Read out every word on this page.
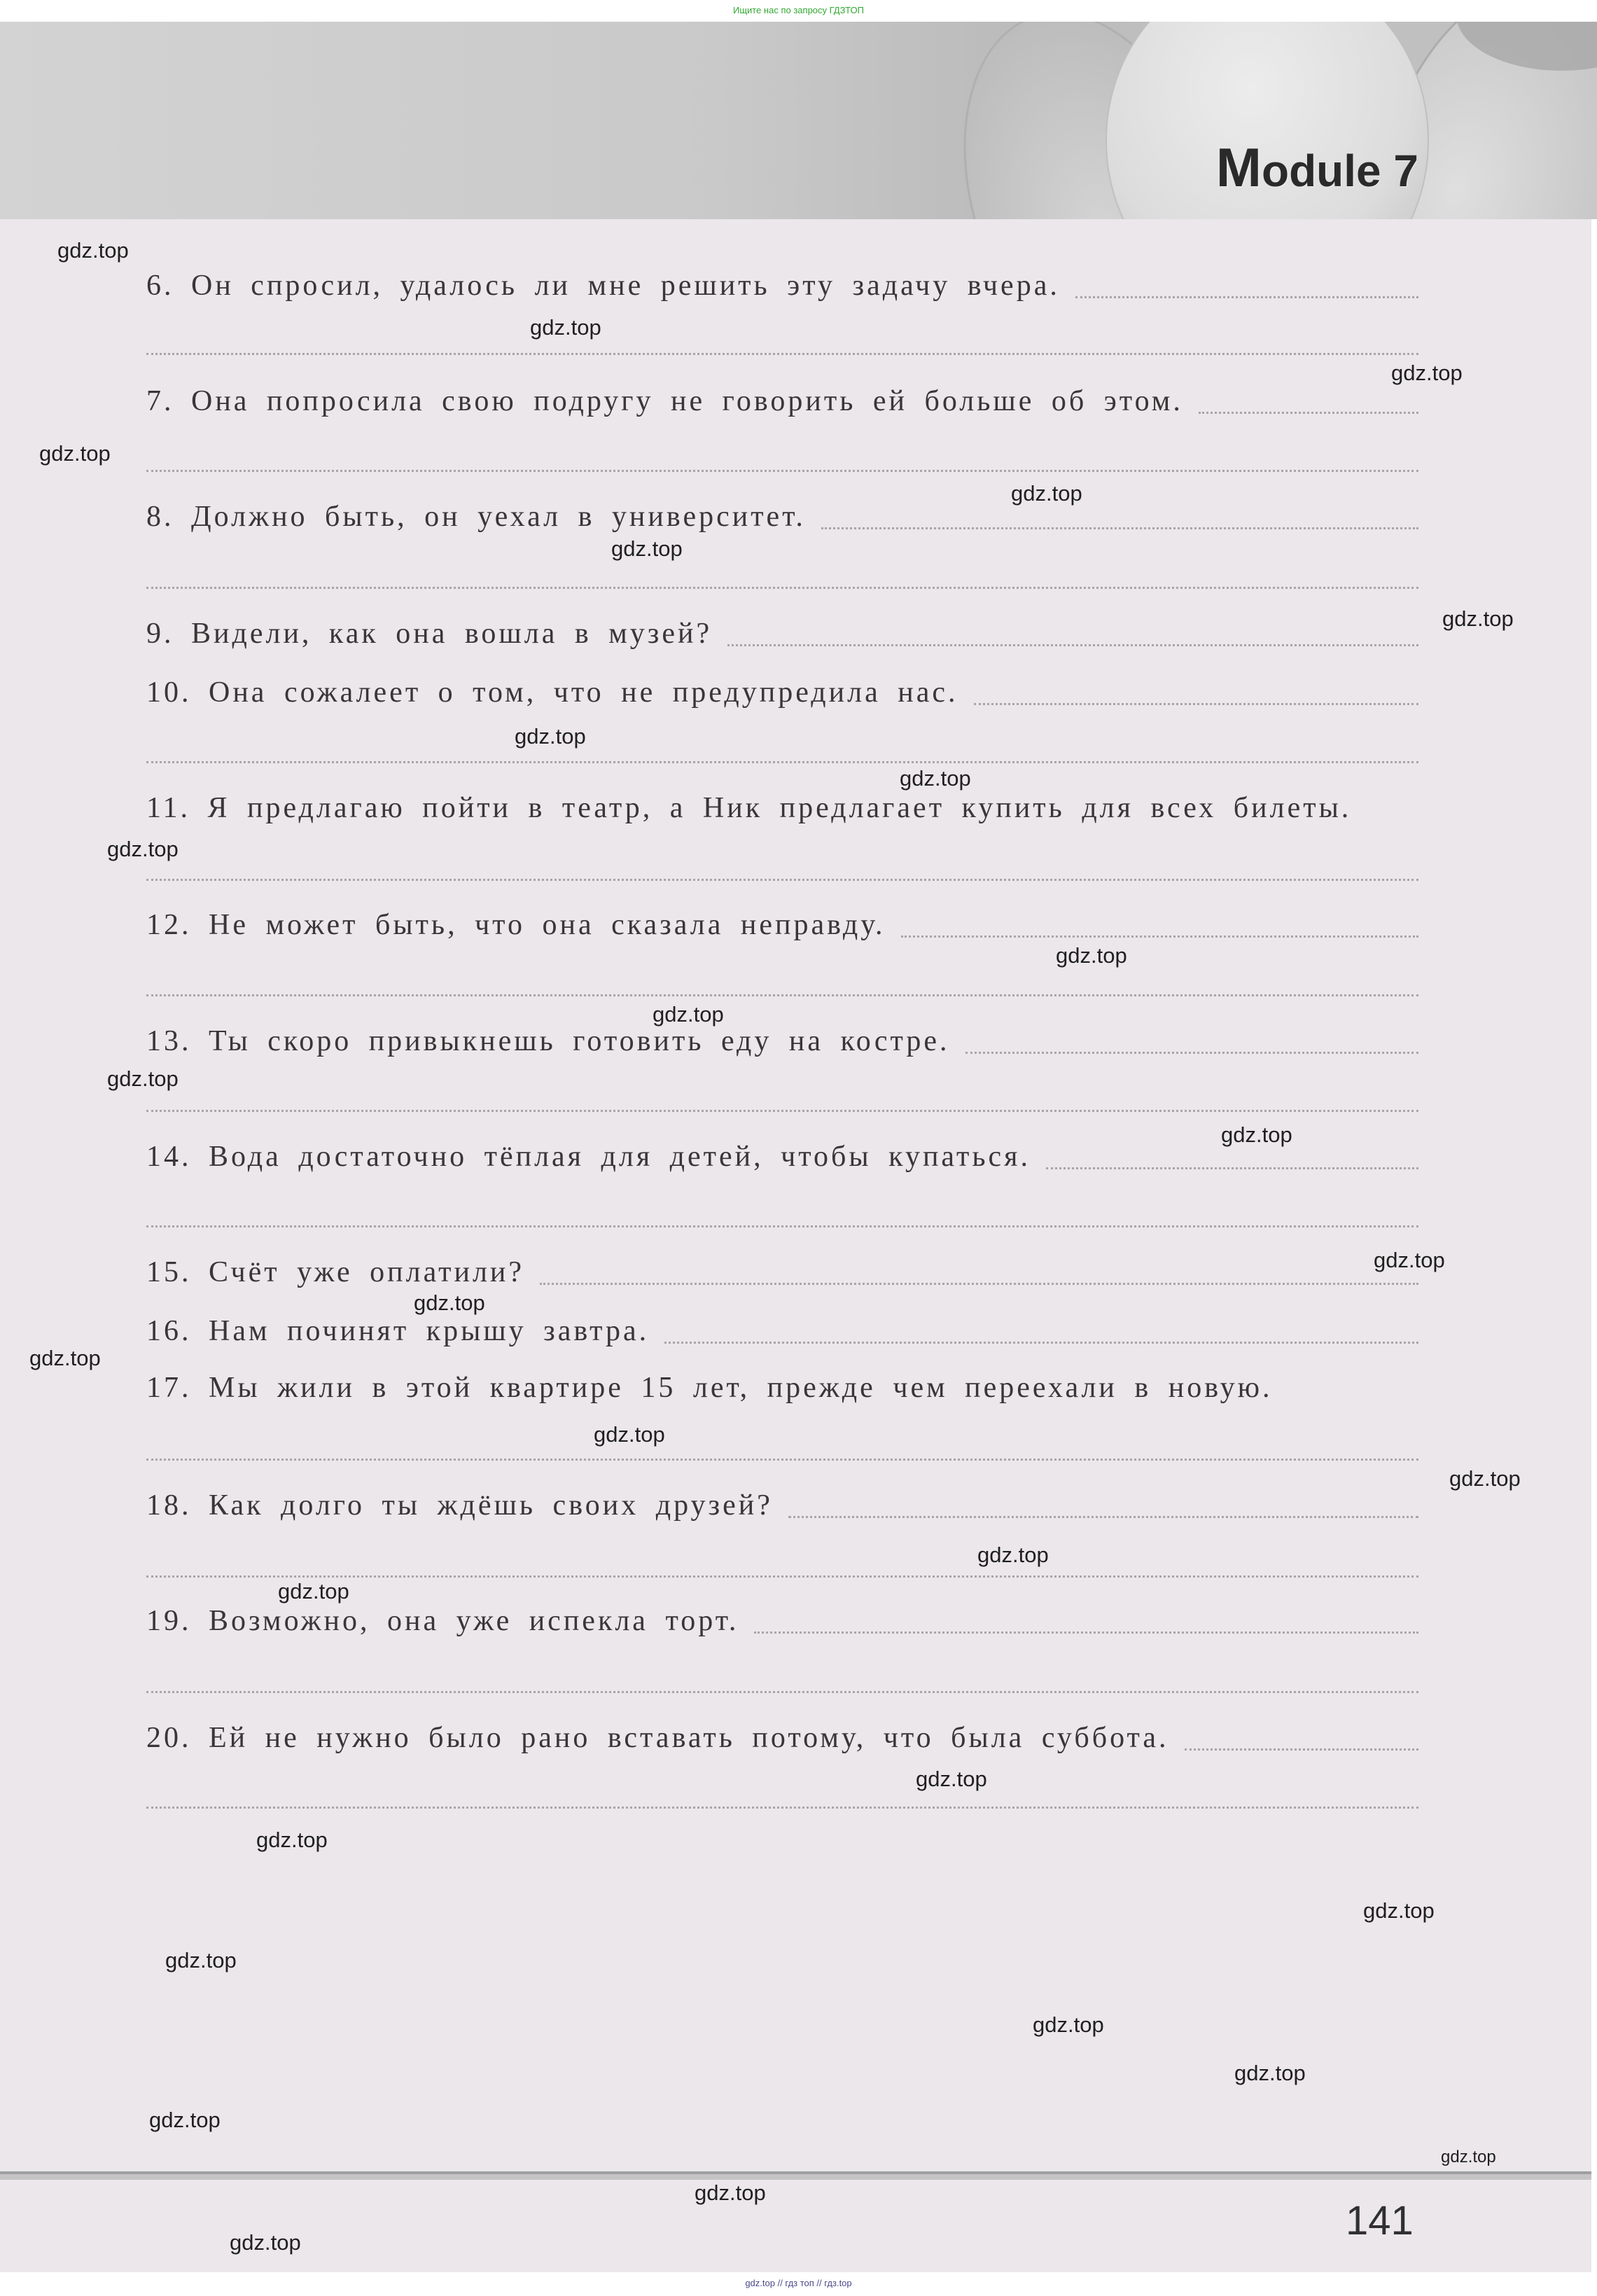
Ищите нас по запросу ГДЗТОП
Module 7
6. Он спросил, удалось ли мне решить эту задачу вчера.
7. Она попросила свою подругу не говорить ей больше об этом.
8. Должно быть, он уехал в университет.
9. Видели, как она вошла в музей?
10. Она сожалеет о том, что не предупредила нас.
11. Я предлагаю пойти в театр, а Ник предлагает купить для всех билеты.
12. Не может быть, что она сказала неправду.
13. Ты скоро привыкнешь готовить еду на костре.
14. Вода достаточно тёплая для детей, чтобы купаться.
15. Счёт уже оплатили?
16. Нам починят крышу завтра.
17. Мы жили в этой квартире 15 лет, прежде чем переехали в новую.
18. Как долго ты ждёшь своих друзей?
19. Возможно, она уже испекла торт.
20. Ей не нужно было рано вставать потому, что была суббота.
141
gdz.top // гдз топ // гдз.top
gdz.top
gdz.top
gdz.top
gdz.top
gdz.top
gdz.top
gdz.top
gdz.top
gdz.top
gdz.top
gdz.top
gdz.top
gdz.top
gdz.top
gdz.top
gdz.top
gdz.top
gdz.top
gdz.top
gdz.top
gdz.top
gdz.top
gdz.top
gdz.top
gdz.top
gdz.top
gdz.top
gdz.top
gdz.top
gdz.top
gdz.top
